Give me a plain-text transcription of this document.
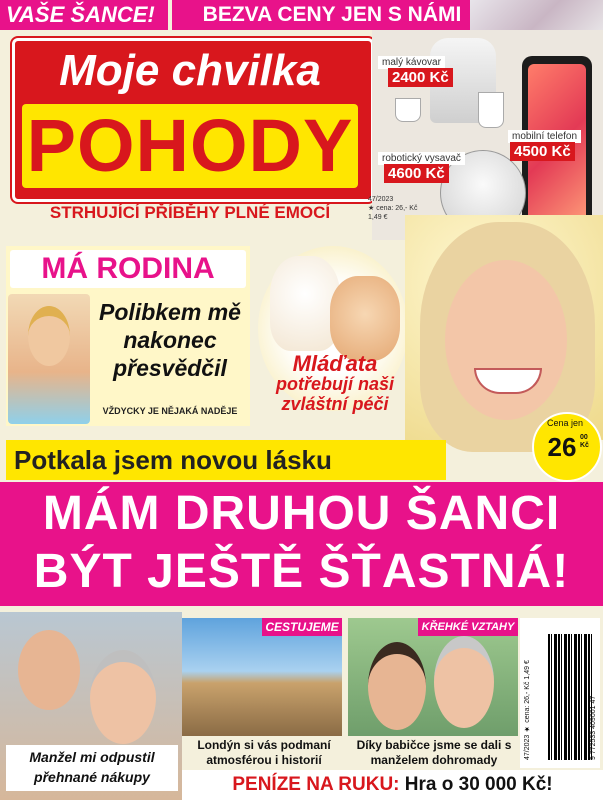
VAŠE ŠANCE!	BEZVA CENY JEN S NÁMI
Moje chvilka
POHODY
STRHUJÍCÍ PŘÍBĚHY PLNÉ EMOCÍ
malý kávovar
2400 Kč
robotický vysavač
4600 Kč
mobilní telefon
4500 Kč
47/2023
★ cena: 26,- Kč
1,49 €
MÁ RODINA
Polibkem mě nakonec přesvědčil
VŽDYCKY JE NĚJAKÁ NADĚJE
Mláďata
potřebují naši
zvláštní péči
Cena jen
26 00 Kč
Potkala jsem novou lásku
MÁM DRUHOU ŠANCI
BÝT JEŠTĚ ŠŤASTNÁ!
Manžel mi odpustil přehnané nákupy
CESTUJEME
Londýn si vás podmaní atmosférou i historií
KŘEHKÉ VZTAHY
Díky babičce jsme se dali s manželem dohromady	47/2023 ★ cena: 26,- Kč 1,49 €	9 772533 409001 47
PENÍZE NA RUKU: Hra o 30 000 Kč!
